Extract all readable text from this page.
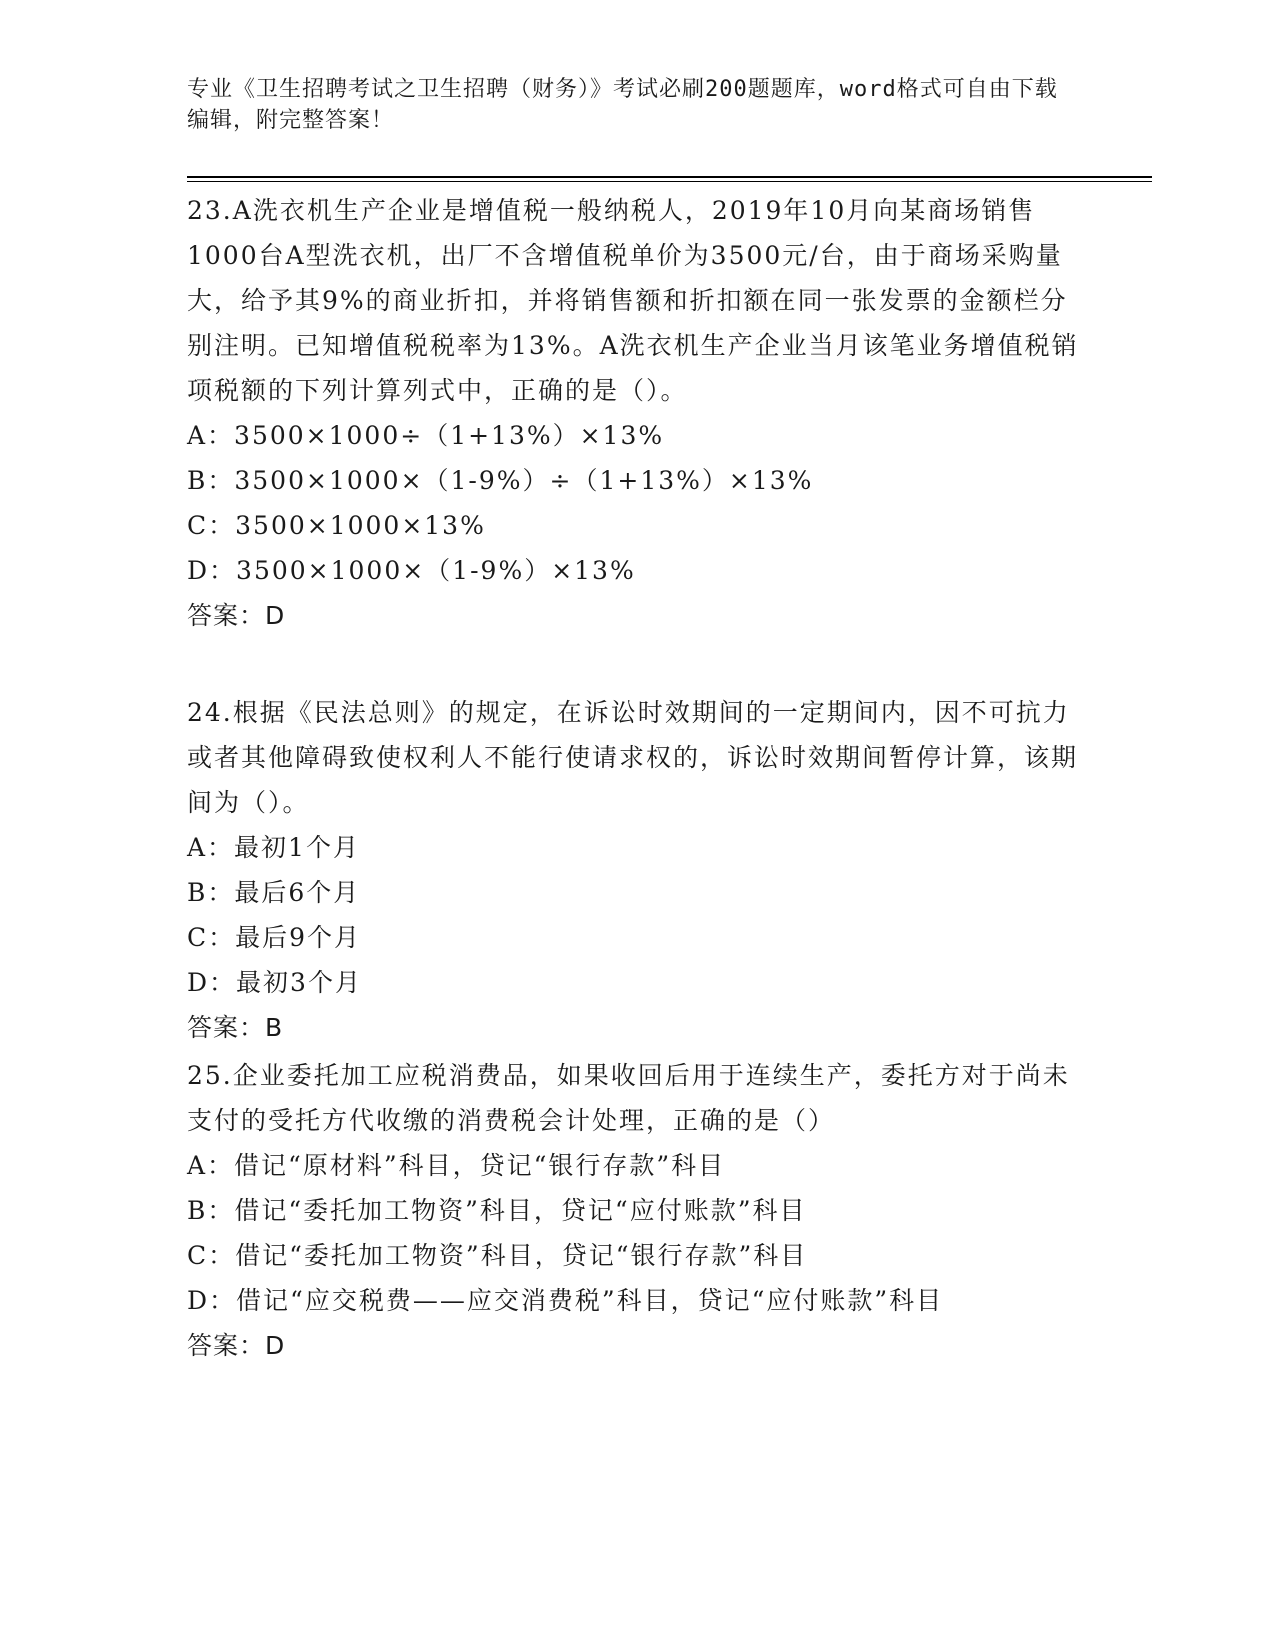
专业《卫生招聘考试之卫生招聘（财务）》考试必刷200题题库，word格式可自由下载编辑，附完整答案！

23.A洗衣机生产企业是增值税一般纳税人，2019年10月向某商场销售1000台A型洗衣机，出厂不含增值税单价为3500元/台，由于商场采购量大，给予其9%的商业折扣，并将销售额和折扣额在同一张发票的金额栏分别注明。已知增值税税率为13%。A洗衣机生产企业当月该笔业务增值税销项税额的下列计算列式中，正确的是（）。

A：3500×1000÷（1+13%）×13%

B：3500×1000×（1-9%）÷（1+13%）×13%

C：3500×1000×13%

D：3500×1000×（1-9%）×13%

答案：D

24.根据《民法总则》的规定，在诉讼时效期间的一定期间内，因不可抗力或者其他障碍致使权利人不能行使请求权的，诉讼时效期间暂停计算，该期间为（）。

A：最初1个月

B：最后6个月

C：最后9个月

D：最初3个月

答案：B

25.企业委托加工应税消费品，如果收回后用于连续生产，委托方对于尚未支付的受托方代收缴的消费税会计处理，正确的是（）

A：借记“原材料”科目，贷记“银行存款”科目

B：借记“委托加工物资”科目，贷记“应付账款”科目

C：借记“委托加工物资”科目，贷记“银行存款”科目

D：借记“应交税费——应交消费税”科目，贷记“应付账款”科目

答案：D
